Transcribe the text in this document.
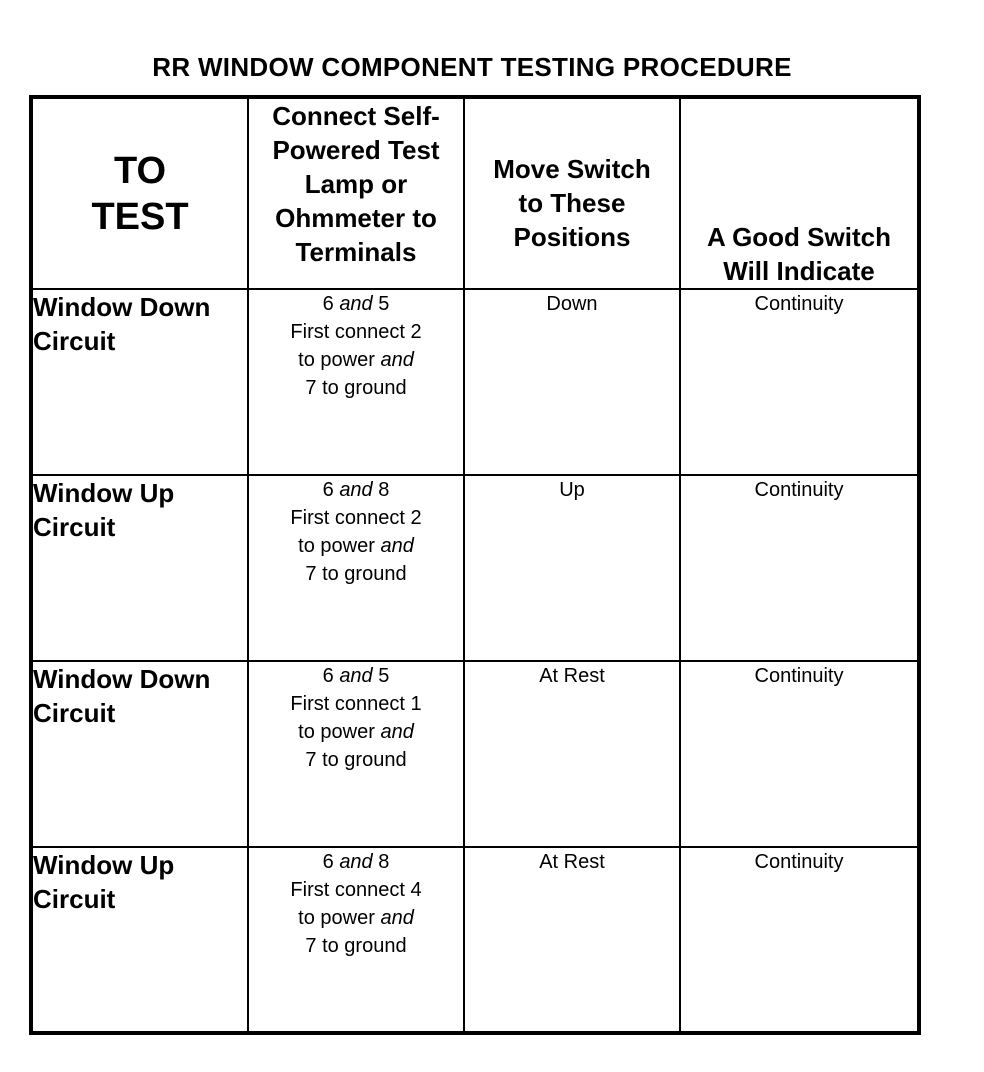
RR WINDOW COMPONENT TESTING PROCEDURE
TO
TEST	Connect Self-
Powered Test
Lamp or
Ohmmeter to
Terminals	Move Switch
to These
Positions	A Good Switch
Will Indicate

Window Down
Circuit	6 and 5
First connect 2
to power and
7 to ground	Down	Continuity

Window Up
Circuit	6 and 8
First connect 2
to power and
7 to ground	Up	Continuity

Window Down
Circuit	6 and 5
First connect 1
to power and
7 to ground	At Rest	Continuity

Window Up
Circuit	6 and 8
First connect 4
to power and
7 to ground	At Rest	Continuity
